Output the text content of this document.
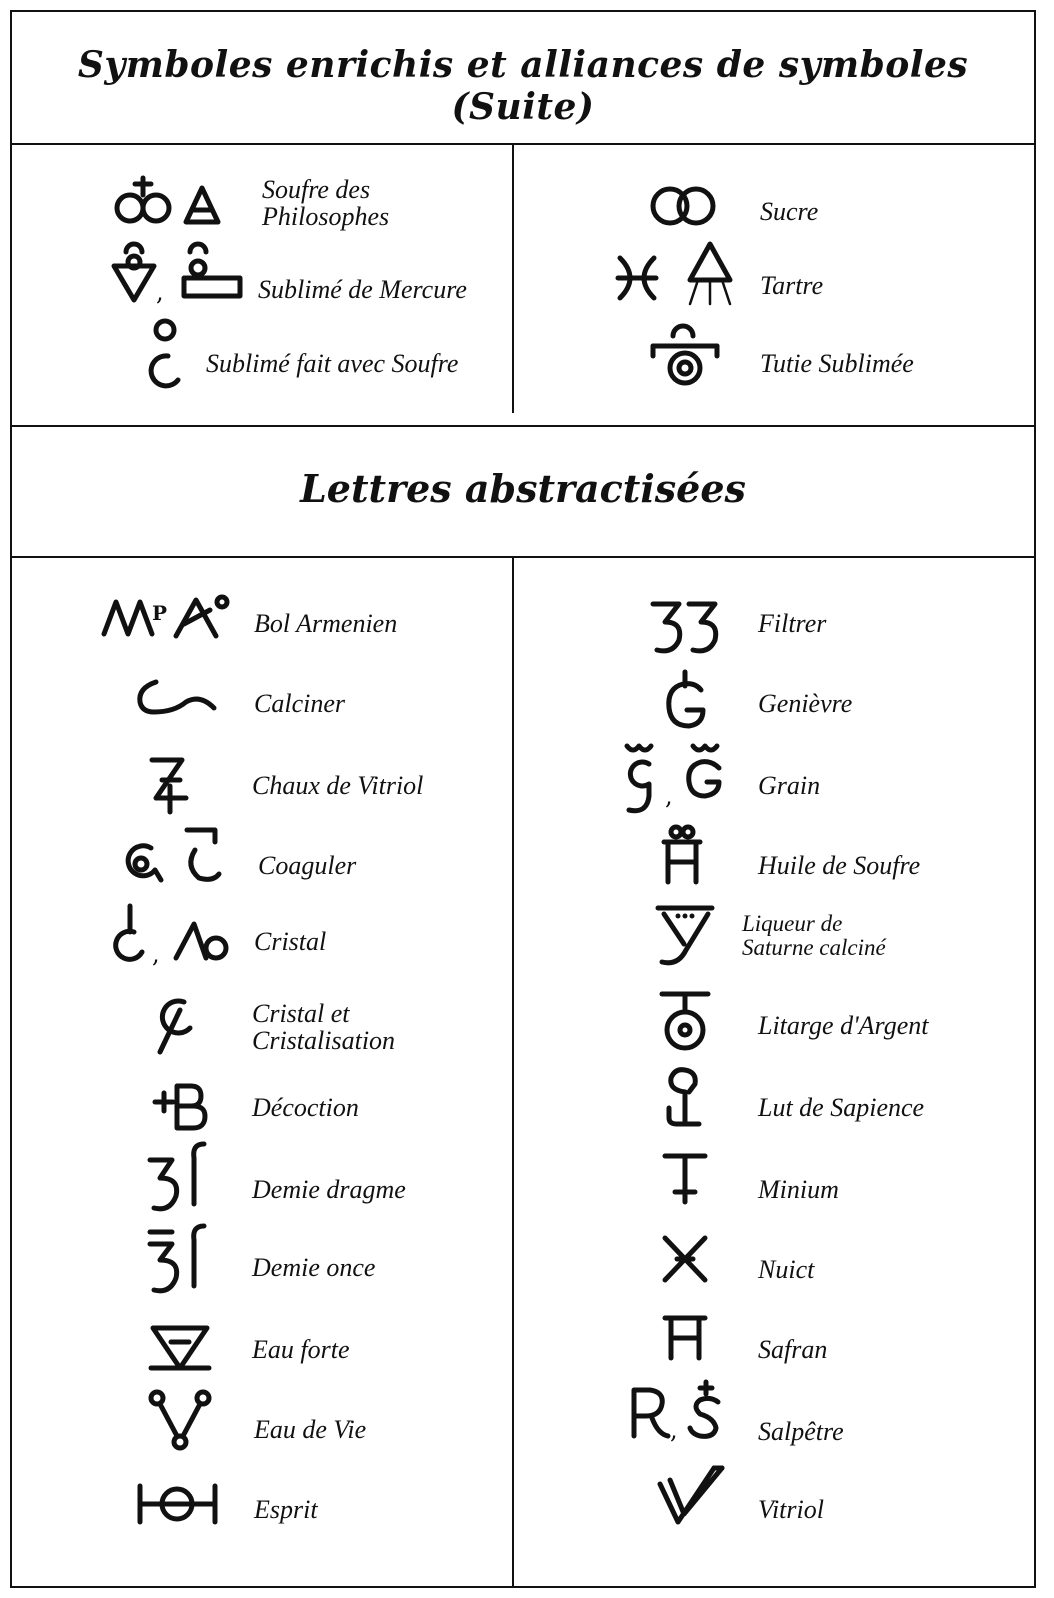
Symboles enrichis et alliances de symboles (Suite)
Lettres abstractisées
Soufre des
Philosophes
,	Sublimé de Mercure
Sublimé fait avec Soufre
Sucre
Tartre
Tutie Sublimée
P	Bol Armenien
Calciner
Chaux de Vitriol
Coaguler
,	Cristal
Cristal et
Cristalisation
Décoction
Demie dragme
Demie once
Eau forte
Eau de Vie
Esprit
Filtrer
Genièvre
,	Grain
Huile de Soufre
Liqueur de
Saturne calciné
Litarge d'Argent
Lut de Sapience
Minium
Nuict
Safran
,	Salpêtre
Vitriol
